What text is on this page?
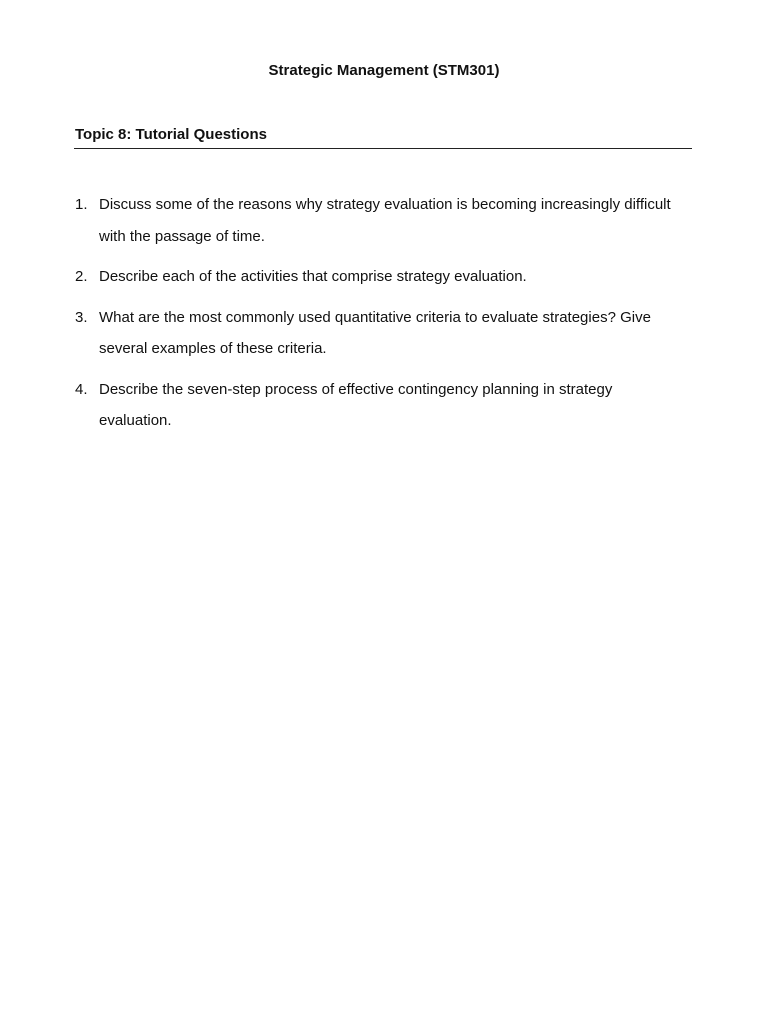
Strategic Management (STM301)
Topic 8: Tutorial Questions
1. Discuss some of the reasons why strategy evaluation is becoming increasingly difficult with the passage of time.
2. Describe each of the activities that comprise strategy evaluation.
3. What are the most commonly used quantitative criteria to evaluate strategies? Give several examples of these criteria.
4. Describe the seven-step process of effective contingency planning in strategy evaluation.
